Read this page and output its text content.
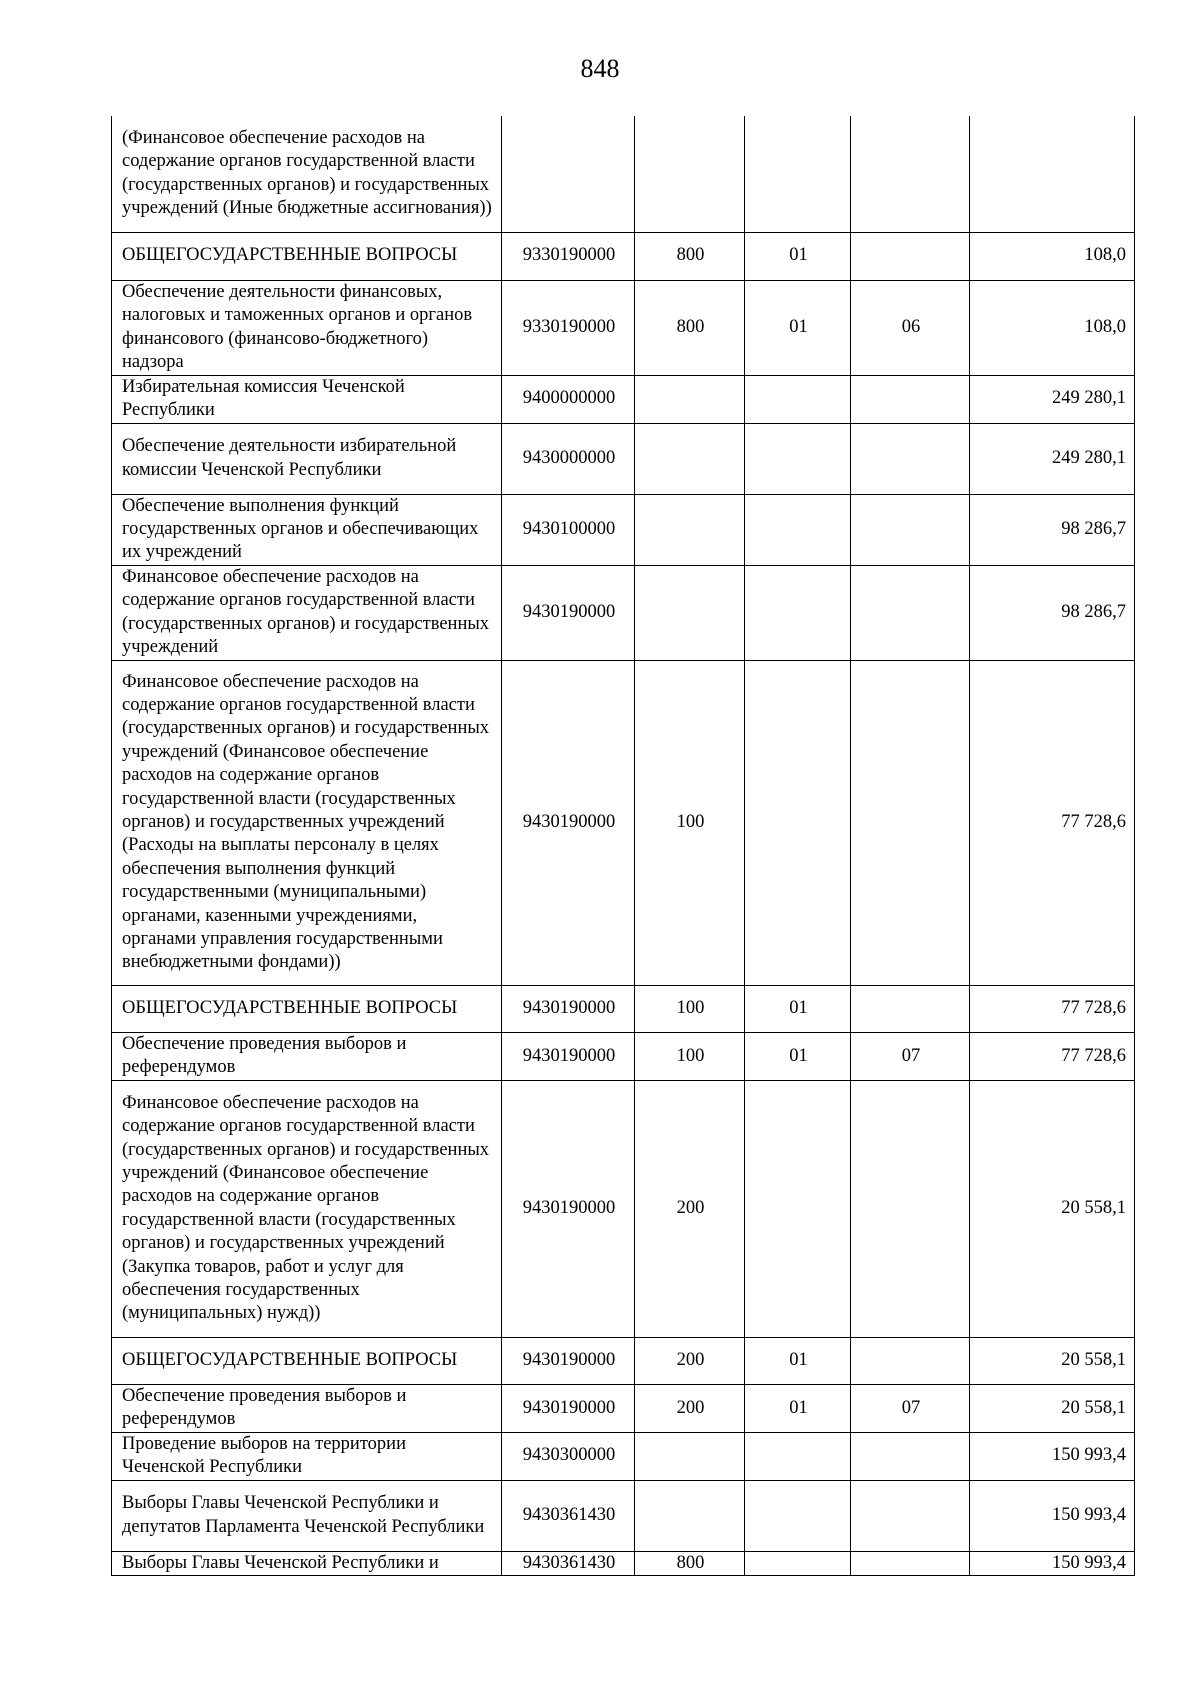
848
(Финансовое обеспечение расходов на содержание органов государственной власти (государственных органов) и государственных учреждений (Иные бюджетные ассигнования))					
ОБЩЕГОСУДАРСТВЕННЫЕ ВОПРОСЫ	9330190000	800	01		108,0
Обеспечение деятельности финансовых, налоговых и таможенных органов и органов финансового (финансово-бюджетного) надзора	9330190000	800	01	06	108,0
Избирательная комиссия Чеченской Республики	9400000000				249 280,1
Обеспечение деятельности избирательной комиссии Чеченской Республики	9430000000				249 280,1
Обеспечение выполнения функций государственных органов и обеспечивающих их учреждений	9430100000				98 286,7
Финансовое обеспечение расходов на содержание органов государственной власти (государственных органов) и государственных учреждений	9430190000				98 286,7
Финансовое обеспечение расходов на содержание органов государственной власти (государственных органов) и государственных учреждений (Финансовое обеспечение расходов на содержание органов государственной власти (государственных органов) и государственных учреждений (Расходы на выплаты персоналу в целях обеспечения выполнения функций государственными (муниципальными) органами, казенными учреждениями, органами управления государственными внебюджетными фондами))	9430190000	100			77 728,6
ОБЩЕГОСУДАРСТВЕННЫЕ ВОПРОСЫ	9430190000	100	01		77 728,6
Обеспечение проведения выборов и референдумов	9430190000	100	01	07	77 728,6
Финансовое обеспечение расходов на содержание органов государственной власти (государственных органов) и государственных учреждений (Финансовое обеспечение расходов на содержание органов государственной власти (государственных органов) и государственных учреждений (Закупка товаров, работ и услуг для обеспечения государственных (муниципальных) нужд))	9430190000	200			20 558,1
ОБЩЕГОСУДАРСТВЕННЫЕ ВОПРОСЫ	9430190000	200	01		20 558,1
Обеспечение проведения выборов и референдумов	9430190000	200	01	07	20 558,1
Проведение выборов на территории Чеченской Республики	9430300000				150 993,4
Выборы Главы Чеченской Республики и депутатов Парламента Чеченской Республики	9430361430				150 993,4
Выборы Главы Чеченской Республики и	9430361430	800			150 993,4
